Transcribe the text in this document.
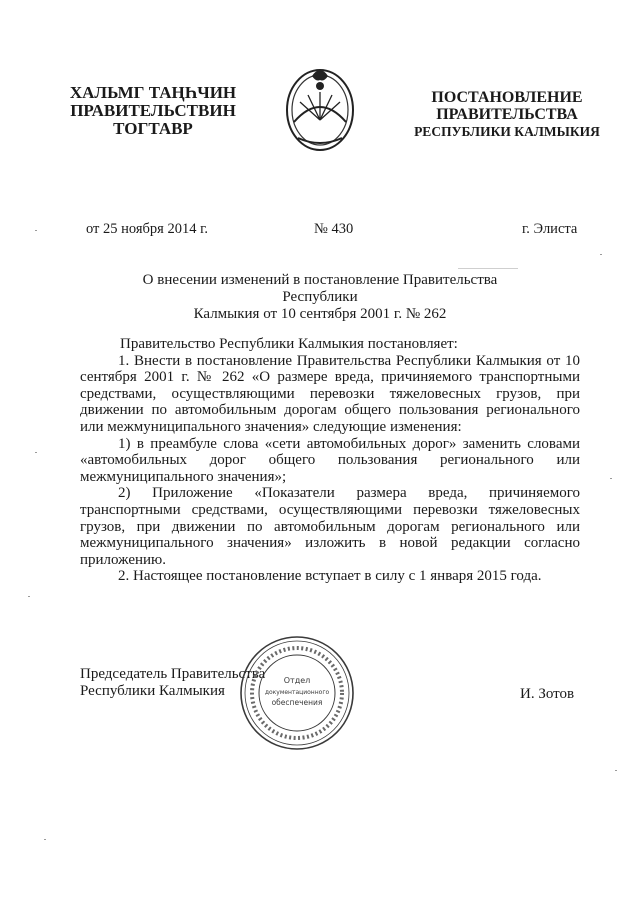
ХАЛЬМГ ТАҢҺЧИН
ПРАВИТЕЛЬСТВИН
ТОГТАВР
ПОСТАНОВЛЕНИЕ
ПРАВИТЕЛЬСТВА
РЕСПУБЛИКИ КАЛМЫКИЯ
от 25 ноября 2014 г.	№ 430	г. Элиста
О внесении изменений в постановление Правительства Республики
Калмыкия от 10 сентября 2001 г. № 262

Правительство Республики Калмыкия постановляет:

1. Внести в постановление Правительства Республики Калмыкия от 10 сентября 2001 г. № 262 «О размере вреда, причиняемого транспортными средствами, осуществляющими перевозки тяжеловесных грузов, при движении по автомобильным дорогам общего пользования регионального или межмуниципального значения» следующие изменения:

1) в преамбуле слова «сети автомобильных дорог» заменить словами «автомобильных дорог общего пользования регионального или межмуниципального значения»;

2) Приложение «Показатели размера вреда, причиняемого транспортными средствами, осуществляющими перевозки тяжеловесных грузов, при движении по автомобильным дорогам регионального или межмуниципального значения» изложить в новой редакции согласно приложению.

2. Настоящее постановление вступает в силу с 1 января 2015 года.

Председатель Правительства
Республики Калмыкия
Отдел
документационного
обеспечения
И. Зотов
